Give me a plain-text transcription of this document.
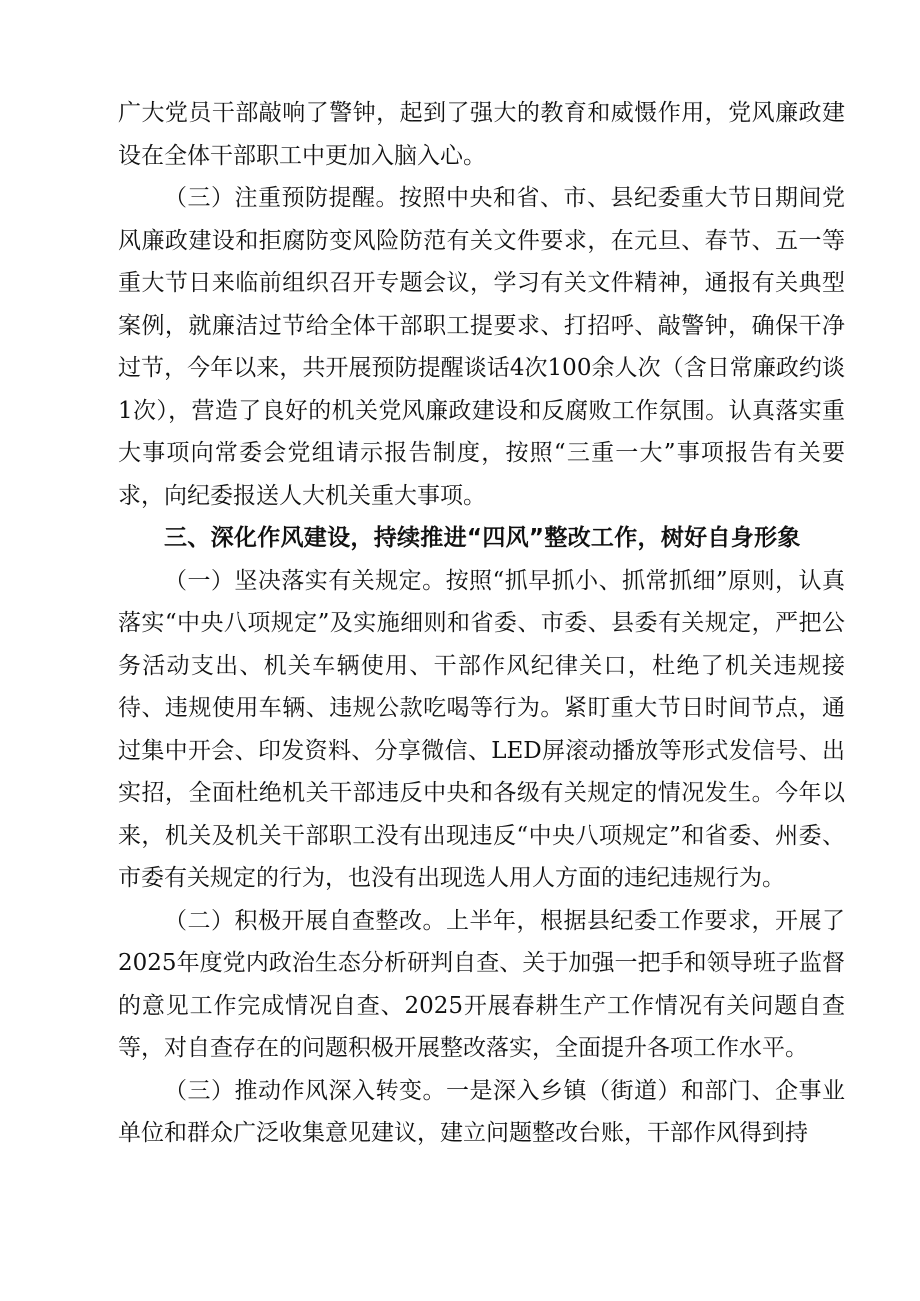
广大党员干部敲响了警钟，起到了强大的教育和威慑作用，党风廉政建设在全体干部职工中更加入脑入心。

（三）注重预防提醒。按照中央和省、市、县纪委重大节日期间党风廉政建设和拒腐防变风险防范有关文件要求，在元旦、春节、五一等重大节日来临前组织召开专题会议，学习有关文件精神，通报有关典型案例，就廉洁过节给全体干部职工提要求、打招呼、敲警钟，确保干净过节，今年以来，共开展预防提醒谈话4次100余人次（含日常廉政约谈1次），营造了良好的机关党风廉政建设和反腐败工作氛围。认真落实重大事项向常委会党组请示报告制度，按照“三重一大”事项报告有关要求，向纪委报送人大机关重大事项。

三、深化作风建设，持续推进“四风”整改工作，树好自身形象

（一）坚决落实有关规定。按照“抓早抓小、抓常抓细”原则，认真落实“中央八项规定”及实施细则和省委、市委、县委有关规定，严把公务活动支出、机关车辆使用、干部作风纪律关口，杜绝了机关违规接待、违规使用车辆、违规公款吃喝等行为。紧盯重大节日时间节点，通过集中开会、印发资料、分享微信、LED屏滚动播放等形式发信号、出实招，全面杜绝机关干部违反中央和各级有关规定的情况发生。今年以来，机关及机关干部职工没有出现违反“中央八项规定”和省委、州委、市委有关规定的行为，也没有出现选人用人方面的违纪违规行为。

（二）积极开展自查整改。上半年，根据县纪委工作要求，开展了2025年度党内政治生态分析研判自查、关于加强一把手和领导班子监督的意见工作完成情况自查、2025开展春耕生产工作情况有关问题自查等，对自查存在的问题积极开展整改落实，全面提升各项工作水平。

（三）推动作风深入转变。一是深入乡镇（街道）和部门、企事业单位和群众广泛收集意见建议，建立问题整改台账，干部作风得到持
